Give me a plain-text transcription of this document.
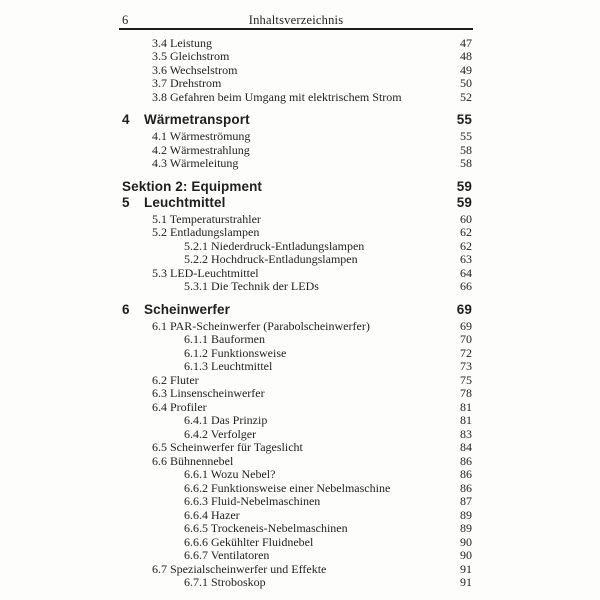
6	Inhaltsverzeichnis
3.4 Leistung	47
3.5 Gleichstrom	48
3.6 Wechselstrom	49
3.7 Drehstrom	50
3.8 Gefahren beim Umgang mit elektrischem Strom	52
4 Wärmetransport	55
4.1 Wärmeströmung	55
4.2 Wärmestrahlung	58
4.3 Wärmeleitung	58
Sektion 2: Equipment	59
5 Leuchtmittel	59
5.1 Temperaturstrahler	60
5.2 Entladungslampen	62
5.2.1 Niederdruck-Entladungslampen	62
5.2.2 Hochdruck-Entladungslampen	63
5.3 LED-Leuchtmittel	64
5.3.1 Die Technik der LEDs	66
6 Scheinwerfer	69
6.1 PAR-Scheinwerfer (Parabolscheinwerfer)	69
6.1.1 Bauformen	70
6.1.2 Funktionsweise	72
6.1.3 Leuchtmittel	73
6.2 Fluter	75
6.3 Linsenscheinwerfer	78
6.4 Profiler	81
6.4.1 Das Prinzip	81
6.4.2 Verfolger	83
6.5 Scheinwerfer für Tageslicht	84
6.6 Bühnennebel	86
6.6.1 Wozu Nebel?	86
6.6.2 Funktionsweise einer Nebelmaschine	86
6.6.3 Fluid-Nebelmaschinen	87
6.6.4 Hazer	89
6.6.5 Trockeneis-Nebelmaschinen	89
6.6.6 Gekühlter Fluidnebel	90
6.6.7 Ventilatoren	90
6.7 Spezialscheinwerfer und Effekte	91
6.7.1 Stroboskop	91
